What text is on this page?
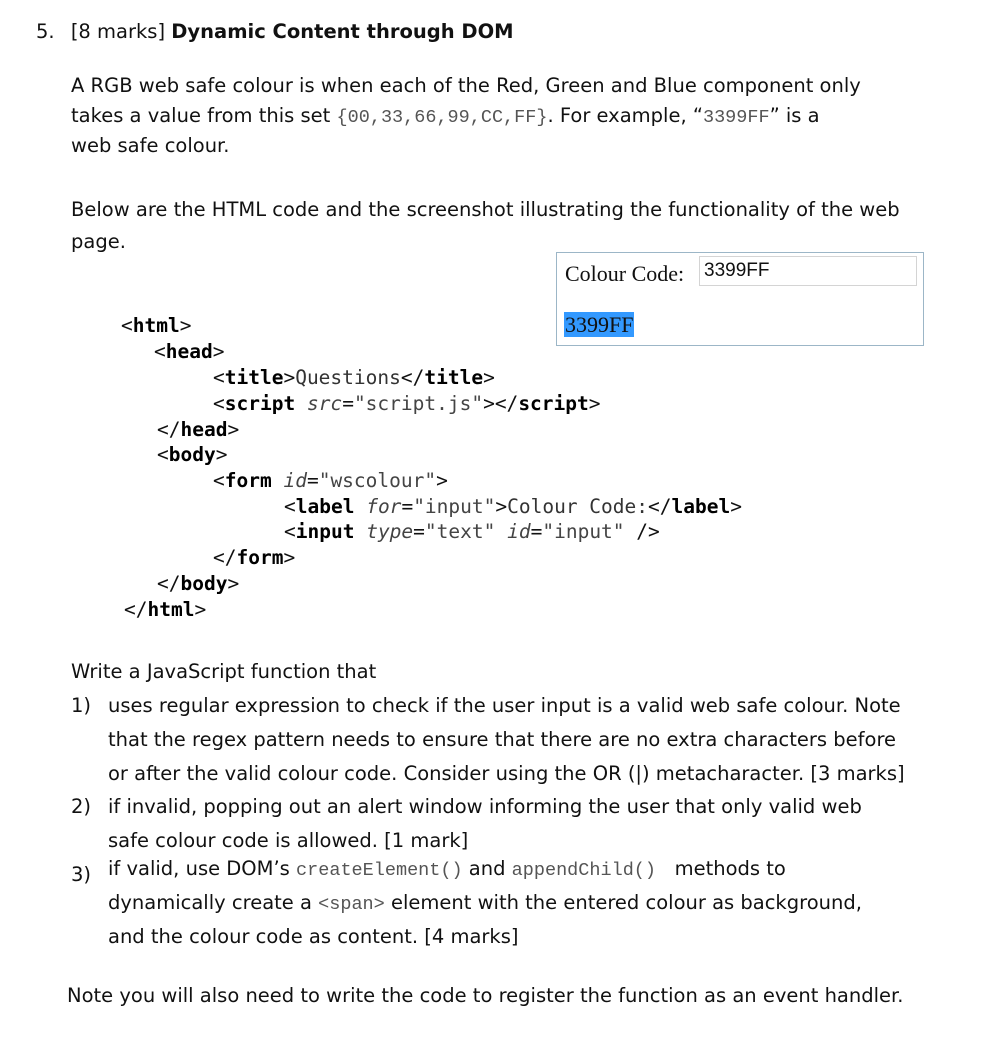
5. [8 marks] Dynamic Content through DOM
A RGB web safe colour is when each of the Red, Green and Blue component only
takes a value from this set {00,33,66,99,CC,FF}. For example, “3399FF” is a
web safe colour.
Below are the HTML code and the screenshot illustrating the functionality of the web
page.
Colour Code: 3399FF
3399FF
<html>
<head>
<title>Questions</title>
<script src="script.js"></script>
</head>
<body>
<form id="wscolour">
<label for="input">Colour Code:</label>
<input type="text" id="input" />
</form>
</body>
</html>
Write a JavaScript function that
1) uses regular expression to check if the user input is a valid web safe colour. Note
that the regex pattern needs to ensure that there are no extra characters before
or after the valid colour code. Consider using the OR (|) metacharacter. [3 marks]
2) if invalid, popping out an alert window informing the user that only valid web
safe colour code is allowed. [1 mark]
3) if valid, use DOM’s createElement() and appendChild()   methods to
dynamically create a <span> element with the entered colour as background,
and the colour code as content. [4 marks]
Note you will also need to write the code to register the function as an event handler.
